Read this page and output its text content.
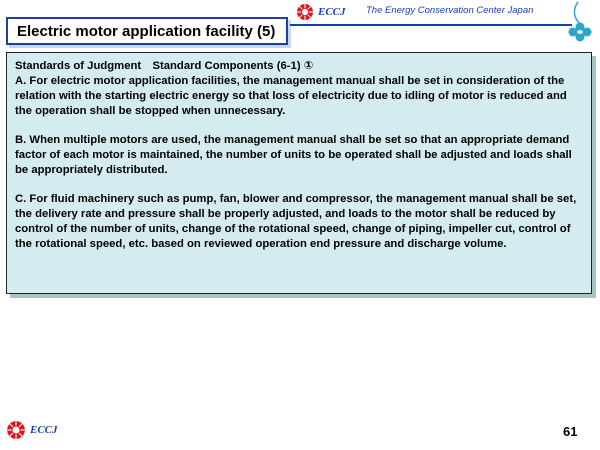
Electric motor application facility (5)
ECCJ The Energy Conservation Center Japan

Standards of Judgment　Standard Components (6-1) ①

A. For electric motor application facilities, the management manual shall be set in consideration of the relation with the starting electric energy so that loss of electricity due to idling of motor is reduced and the operation shall be stopped when unnecessary.

B. When multiple motors are used, the management manual shall be set so that an appropriate demand factor of each motor is maintained, the number of units to be operated shall be adjusted and loads shall be appropriately distributed.

C. For fluid machinery such as pump, fan, blower and compressor, the management manual shall be set, the delivery rate and pressure shall be properly adjusted, and loads to the motor shall be reduced by control of the number of units, change of the rotational speed, change of piping, impeller cut, control of the rotational speed, etc. based on reviewed operation end pressure and discharge volume.

ECCJ	61
